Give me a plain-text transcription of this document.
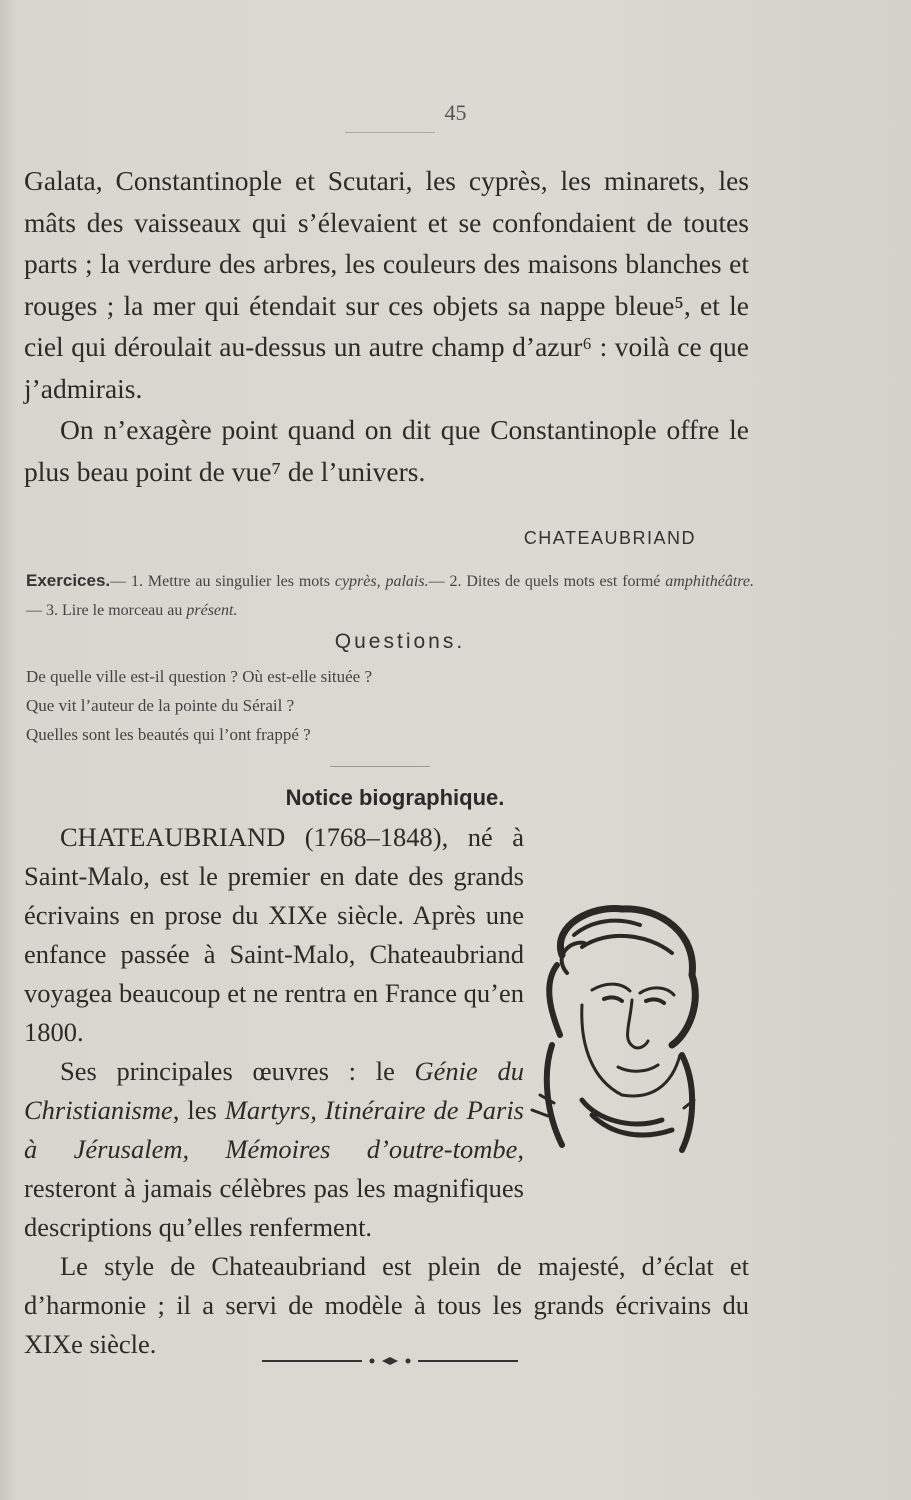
45

Galata, Constantinople et Scutari, les cyprès, les minarets, les mâts des vaisseaux qui s’élevaient et se confondaient de toutes parts ; la verdure des arbres, les couleurs des maisons blanches et rouges ; la mer qui étendait sur ces objets sa nappe bleue⁵, et le ciel qui déroulait au-dessus un autre champ d’azur⁶ : voilà ce que j’admirais.

On n’exagère point quand on dit que Constantinople offre le plus beau point de vue⁷ de l’univers.

CHATEAUBRIAND
Exercices.— 1. Mettre au singulier les mots cyprès, palais.— 2. Dites de quels mots est formé amphithéâtre.— 3. Lire le morceau au présent.
Questions.
De quelle ville est-il question ? Où est-elle située ?
Que vit l’auteur de la pointe du Sérail ?
Quelles sont les beautés qui l’ont frappé ?
Notice biographique.

CHATEAUBRIAND (1768–1848), né à Saint-Malo, est le premier en date des grands écrivains en prose du XIXe siècle. Après une enfance passée à Saint-Malo, Chateaubriand voyagea beaucoup et ne rentra en France qu’en 1800.

Ses principales œuvres : le Génie du Christianisme, les Martyrs, Itinéraire de Paris à Jérusalem, Mémoires d’outre-tombe, resteront à jamais célèbres pas les magnifiques descriptions qu’elles renferment.

Le style de Chateaubriand est plein de majesté, d’éclat et d’harmonie ; il a servi de modèle à tous les grands écrivains du XIXe siècle.
